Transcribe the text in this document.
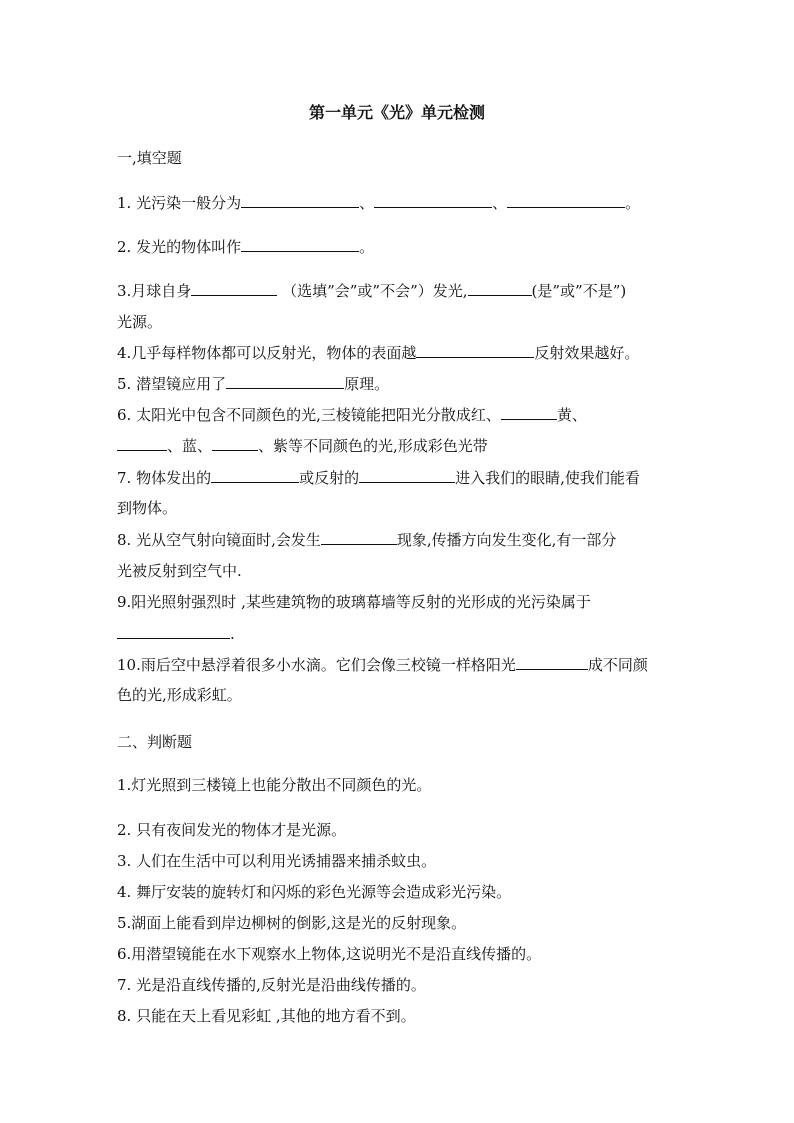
第一单元《光》单元检测
一,填空题
1. 光污染一般分为	、	、	。
2. 发光的物体叫作	。
3.月球自身	（选填”会”或”不会”）发光,	(是”或”不是”)
光源。
4.几乎每样物体都可以反射光，物体的表面越	反射效果越好。
5. 潜望镜应用了	原理。
6. 太阳光中包含不同颜色的光,三棱镜能把阳光分散成红、	黄、
、蓝、	、紫等不同颜色的光,形成彩色光带
7. 物体发出的	或反射的	进入我们的眼睛,使我们能看
到物体。
8. 光从空气射向镜面时,会发生	现象,传播方向发生变化,有一部分
光被反射到空气中.
9.阳光照射强烈时 ,某些建筑物的玻璃幕墙等反射的光形成的光污染属于
.
10.雨后空中悬浮着很多小水滴。它们会像三校镜一样格阳光	成不同颜
色的光,形成彩虹。
二、判断题
1.灯光照到三楼镜上也能分散出不同颜色的光。
2. 只有夜间发光的物体才是光源。
3. 人们在生活中可以利用光诱捕器来捕杀蚊虫。
4. 舞厅安装的旋转灯和闪烁的彩色光源等会造成彩光污染。
5.湖面上能看到岸边柳树的倒影,这是光的反射现象。
6.用潜望镜能在水下观察水上物体,这说明光不是沿直线传播的。
7. 光是沿直线传播的,反射光是沿曲线传播的。
8. 只能在天上看见彩虹 ,其他的地方看不到。
